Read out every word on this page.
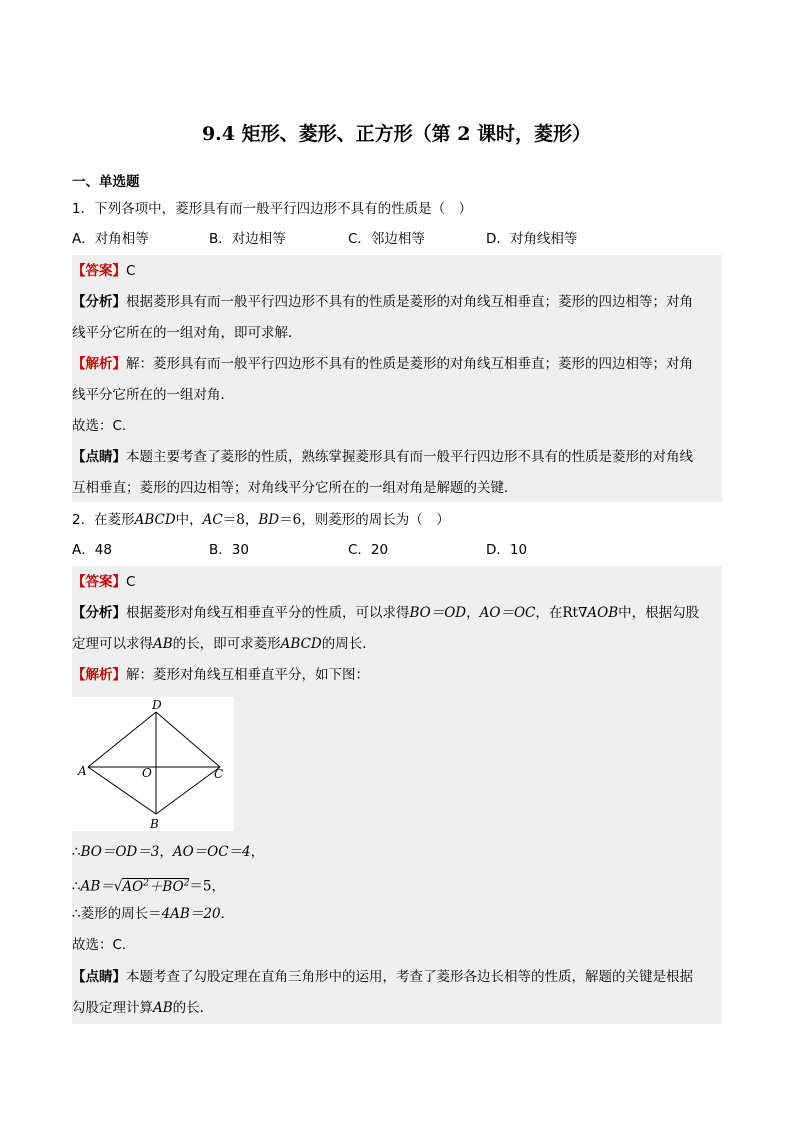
9.4 矩形、菱形、正方形（第 2 课时，菱形）
一、单选题
1．下列各项中，菱形具有而一般平行四边形不具有的性质是（　）
A．对角相等	B．对边相等	C．邻边相等	D．对角线相等
【答案】C
【分析】根据菱形具有而一般平行四边形不具有的性质是菱形的对角线互相垂直；菱形的四边相等；对角
线平分它所在的一组对角，即可求解．
【解析】解：菱形具有而一般平行四边形不具有的性质是菱形的对角线互相垂直；菱形的四边相等；对角
线平分它所在的一组对角．
故选：C．
【点睛】本题主要考查了菱形的性质，熟练掌握菱形具有而一般平行四边形不具有的性质是菱形的对角线
互相垂直；菱形的四边相等；对角线平分它所在的一组对角是解题的关键．
2．在菱形ABCD中，AC＝8，BD＝6，则菱形的周长为（　）
A．48	B．30	C．20	D．10
【答案】C
【分析】根据菱形对角线互相垂直平分的性质，可以求得BO＝OD，AO＝OC，在Rt∇AOB中，根据勾股
定理可以求得AB的长，即可求菱形ABCD的周长．
【解析】解：菱形对角线互相垂直平分，如下图：
D
A	O	C
B
∴BO＝OD＝3，AO＝OC＝4，
$\therefore AB=√AO^2+BO^2=5$，
∴菱形的周长＝4AB＝20．
故选：C．
【点睛】本题考查了勾股定理在直角三角形中的运用，考查了菱形各边长相等的性质，解题的关键是根据
勾股定理计算AB的长．
